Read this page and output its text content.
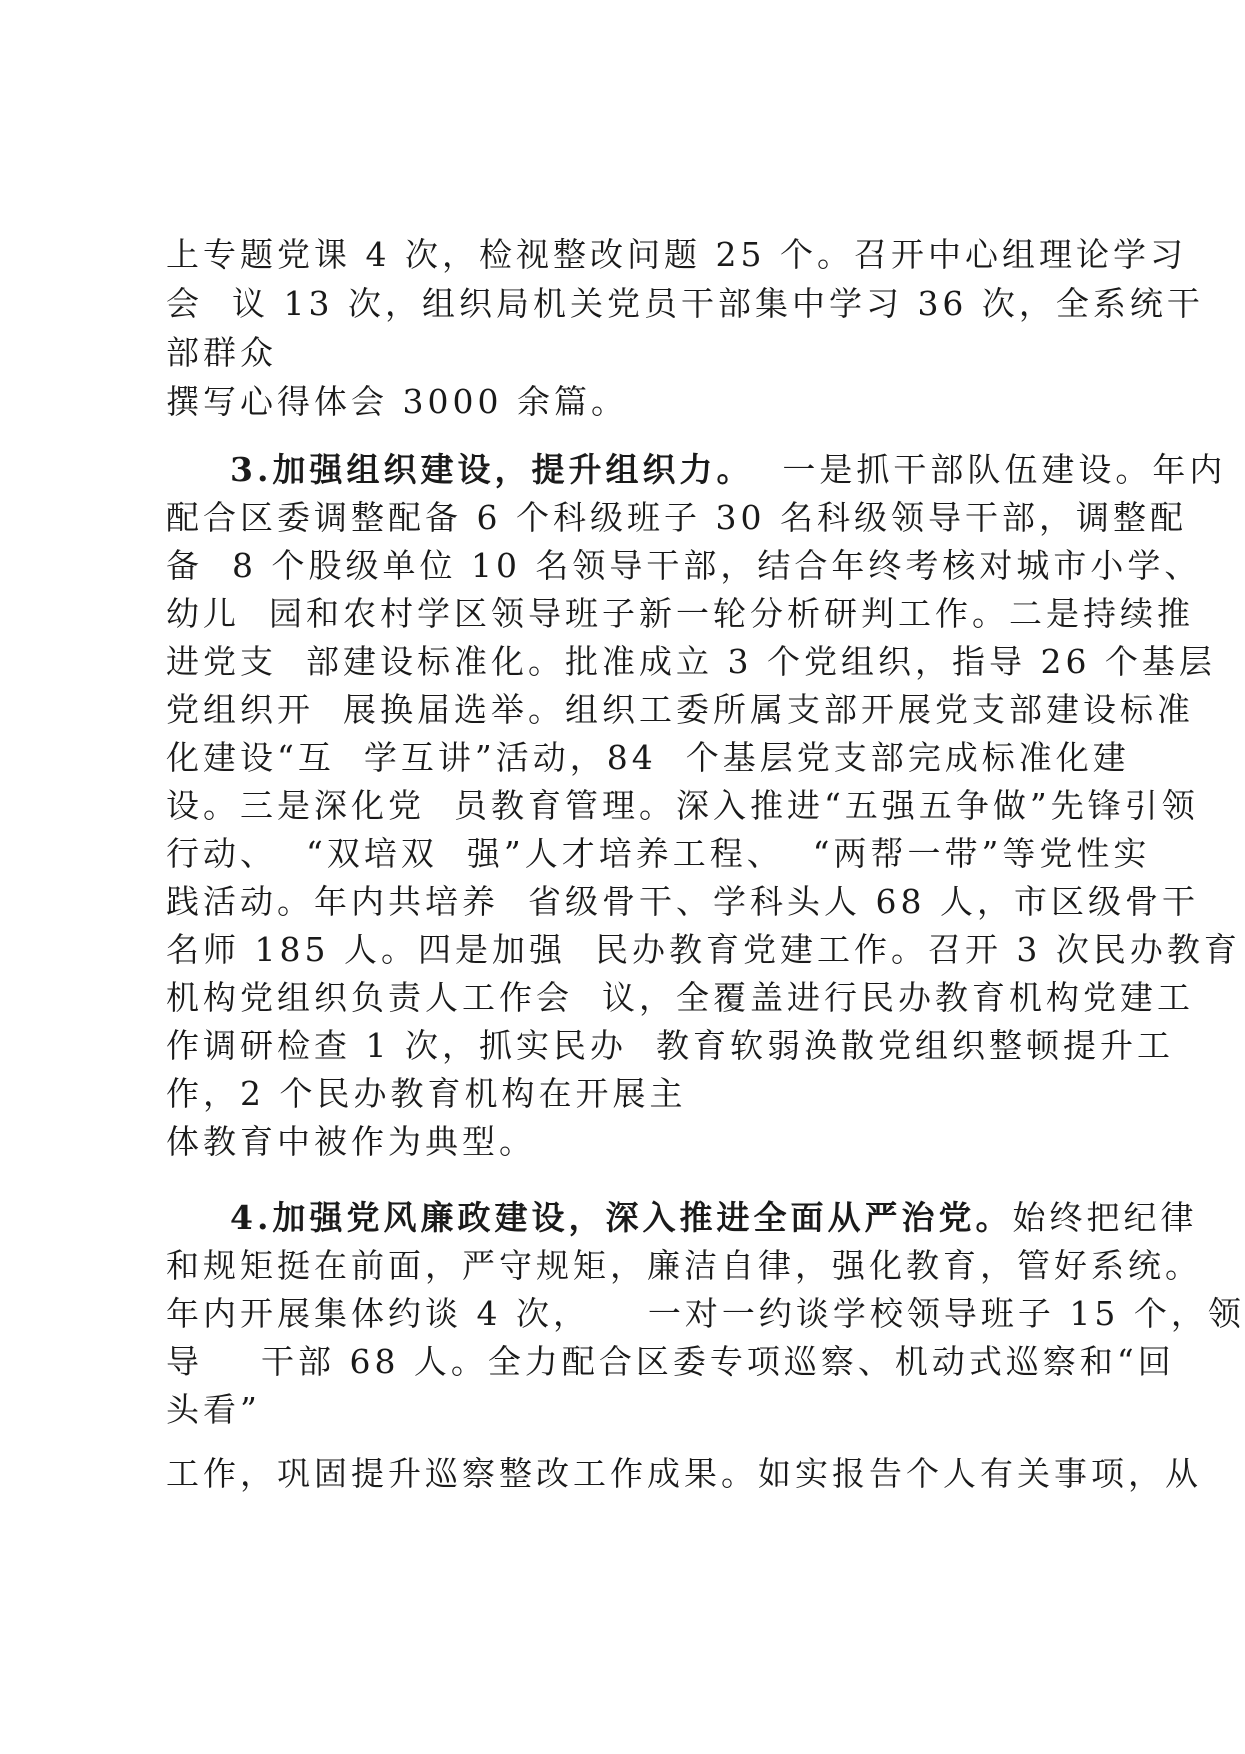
上专题党课 4 次，检视整改问题 25 个。召开中心组理论学习
会  议 13 次，组织局机关党员干部集中学习 36 次，全系统干
部群众
撰写心得体会 3000 余篇。
3.加强组织建设，提升组织力。  一是抓干部队伍建设。年内
配合区委调整配备 6 个科级班子 30 名科级领导干部，调整配
备  8 个股级单位 10 名领导干部，结合年终考核对城市小学、
幼儿  园和农村学区领导班子新一轮分析研判工作。二是持续推
进党支  部建设标准化。批准成立 3 个党组织，指导 26 个基层
党组织开  展换届选举。组织工委所属支部开展党支部建设标准
化建设“互  学互讲”活动，84  个基层党支部完成标准化建
设。三是深化党  员教育管理。深入推进“五强五争做”先锋引领
行动、  “双培双  强”人才培养工程、  “两帮一带”等党性实
践活动。年内共培养  省级骨干、学科头人 68 人，市区级骨干
名师 185 人。四是加强  民办教育党建工作。召开 3 次民办教育
机构党组织负责人工作会  议，全覆盖进行民办教育机构党建工
作调研检查 1 次，抓实民办  教育软弱涣散党组织整顿提升工
作，2 个民办教育机构在开展主
体教育中被作为典型。
4.加强党风廉政建设，深入推进全面从严治党。始终把纪律
和规矩挺在前面，严守规矩，廉洁自律，强化教育，管好系统。
年内开展集体约谈 4 次，    一对一约谈学校领导班子 15 个，领
导    干部 68 人。全力配合区委专项巡察、机动式巡察和“回
头看”
工作，巩固提升巡察整改工作成果。如实报告个人有关事项，从
